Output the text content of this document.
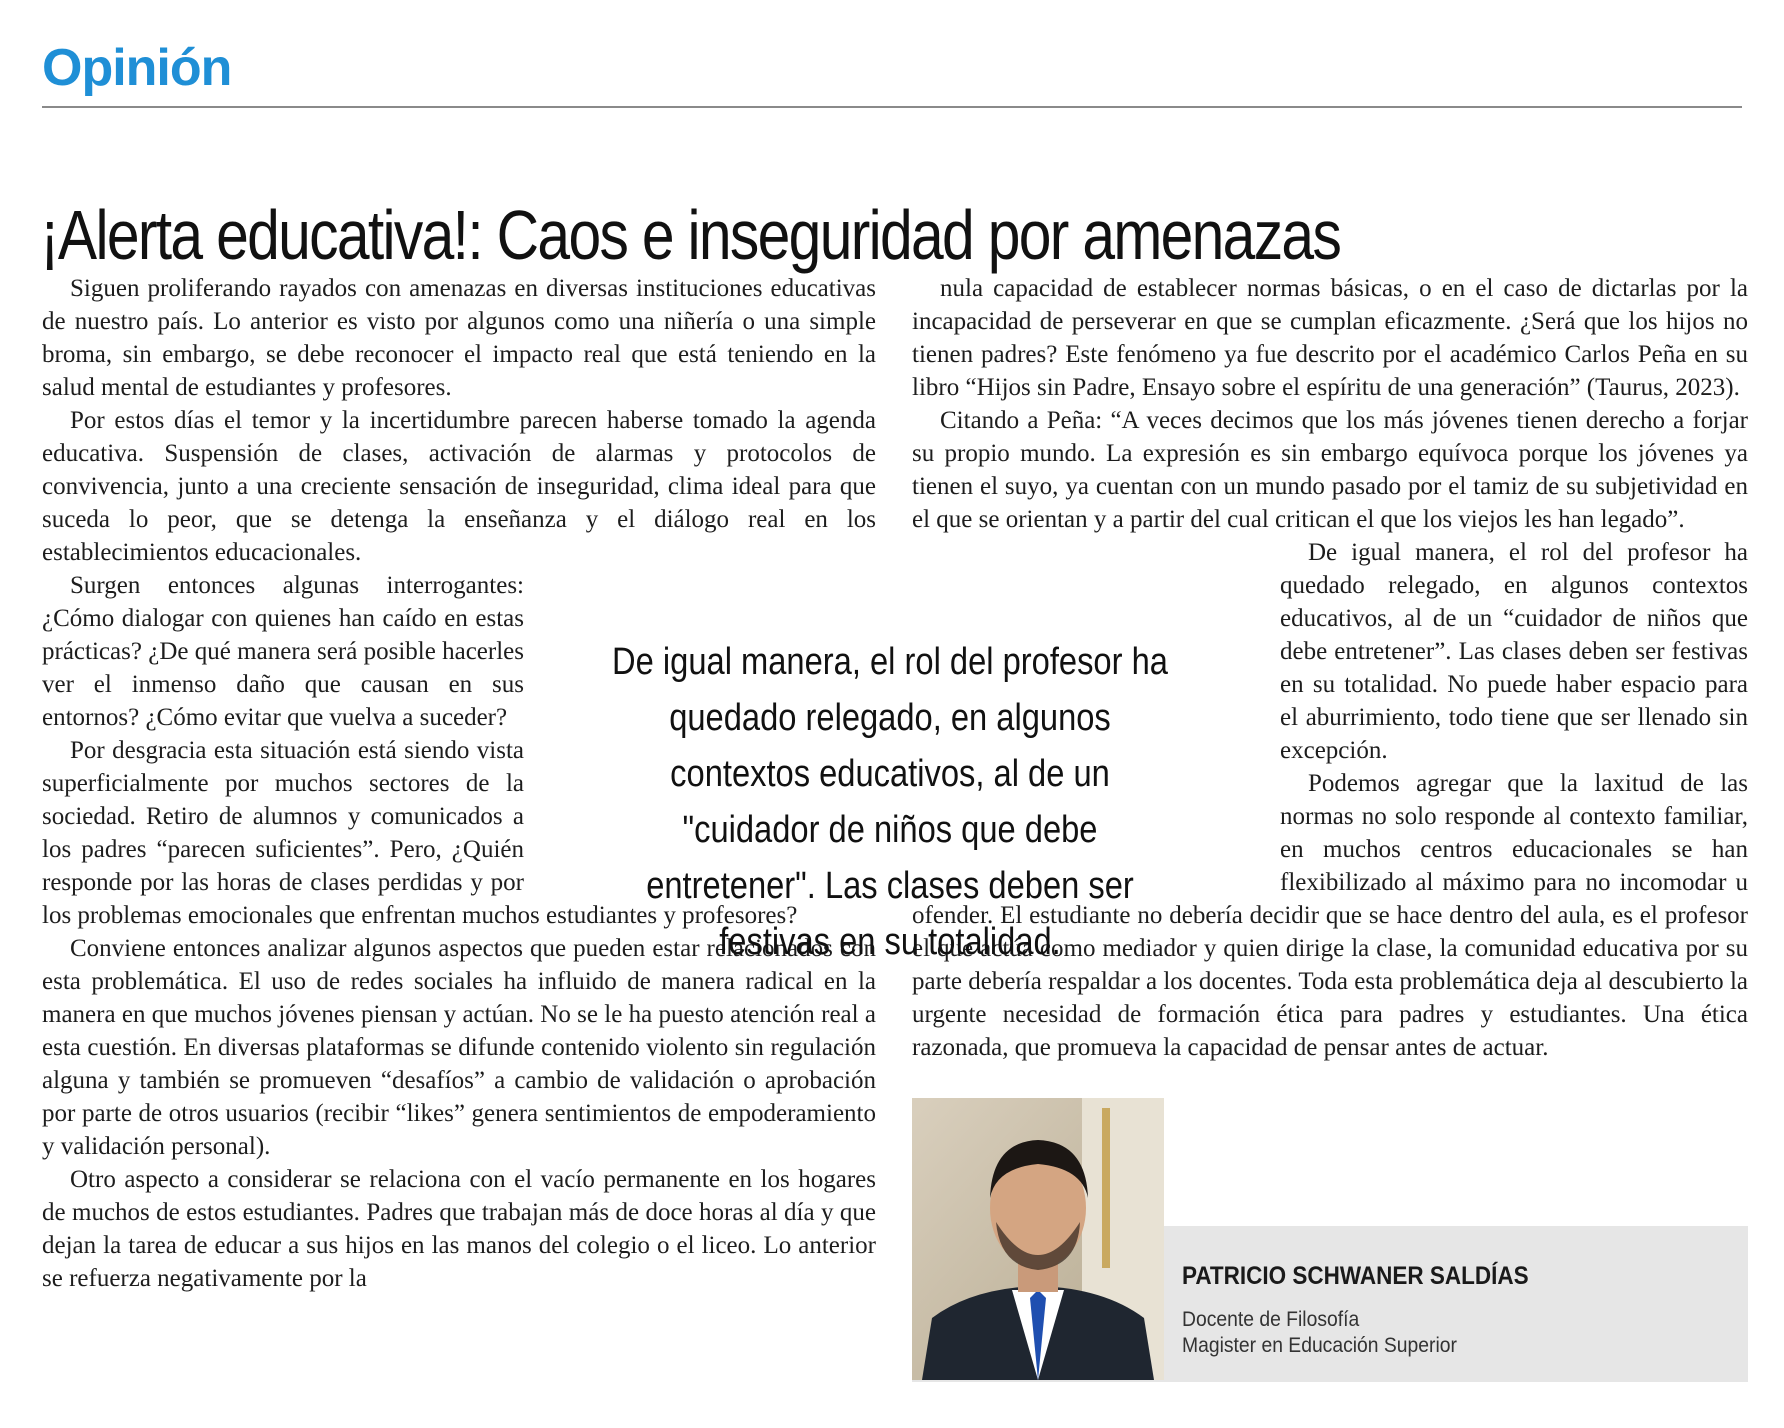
Opinión
¡Alerta educativa!: Caos e inseguridad por amenazas

Siguen proliferando rayados con amenazas en diversas instituciones educativas de nuestro país. Lo anterior es visto por algunos como una niñería o una simple broma, sin embargo, se debe reconocer el impacto real que está teniendo en la salud mental de estudiantes y profesores.

Por estos días el temor y la incertidumbre parecen haberse tomado la agenda educativa. Suspensión de clases, activación de alarmas y protocolos de convivencia, junto a una creciente sensación de inseguridad, clima ideal para que suceda lo peor, que se detenga la enseñanza y el diálogo real en los establecimientos educacionales.

Surgen entonces algunas interrogantes: ¿Cómo dialogar con quienes han caído en estas prácticas? ¿De qué manera será posible hacerles ver el inmenso daño que causan en sus entornos? ¿Cómo evitar que vuelva a suceder?

Por desgracia esta situación está siendo vista superficialmente por muchos sectores de la sociedad. Retiro de alumnos y comunicados a los padres “parecen suficientes”. Pero, ¿Quién responde por las horas de clases perdidas y por los problemas emocionales que enfrentan muchos estudiantes y profesores?

Conviene entonces analizar algunos aspectos que pueden estar relacionados con esta problemática. El uso de redes sociales ha influido de manera radical en la manera en que muchos jóvenes piensan y actúan. No se le ha puesto atención real a esta cuestión. En diversas plataformas se difunde contenido violento sin regulación alguna y también se promueven “desafíos” a cambio de validación o aprobación por parte de otros usuarios (recibir “likes” genera sentimientos de empoderamiento y validación personal).

Otro aspecto a considerar se relaciona con el vacío permanente en los hogares de muchos de estos estudiantes. Padres que trabajan más de doce horas al día y que dejan la tarea de educar a sus hijos en las manos del colegio o el liceo. Lo anterior se refuerza negativamente por la

nula capacidad de establecer normas básicas, o en el caso de dictarlas por la incapacidad de perseverar en que se cumplan eficazmente. ¿Será que los hijos no tienen padres? Este fenómeno ya fue descrito por el académico Carlos Peña en su libro “Hijos sin Padre, Ensayo sobre el espíritu de una generación” (Taurus, 2023).

Citando a Peña: “A veces decimos que los más jóvenes tienen derecho a forjar su propio mundo. La expresión es sin embargo equívoca porque los jóvenes ya tienen el suyo, ya cuentan con un mundo pasado por el tamiz de su subjetividad en el que se orientan y a partir del cual critican el que los viejos les han legado”.

De igual manera, el rol del profesor ha quedado relegado, en algunos contextos educativos, al de un “cuidador de niños que debe entretener”. Las clases deben ser festivas en su totalidad. No puede haber espacio para el aburrimiento, todo tiene que ser llenado sin excepción.

Podemos agregar que la laxitud de las normas no solo responde al contexto familiar, en muchos centros educacionales se han flexibilizado al máximo para no incomodar u ofender. El estudiante no debería decidir que se hace dentro del aula, es el profesor el que actúa como mediador y quien dirige la clase, la comunidad educativa por su parte debería respaldar a los docentes. Toda esta problemática deja al descubierto la urgente necesidad de formación ética para padres y estudiantes. Una ética razonada, que promueva la capacidad de pensar antes de actuar.

De igual manera, el rol del profesor ha quedado relegado, en algunos contextos educativos, al de un "cuidador de niños que debe entretener". Las clases deben ser festivas en su totalidad.
PATRICIO SCHWANER SALDÍAS
Docente de Filosofía
Magister en Educación Superior
